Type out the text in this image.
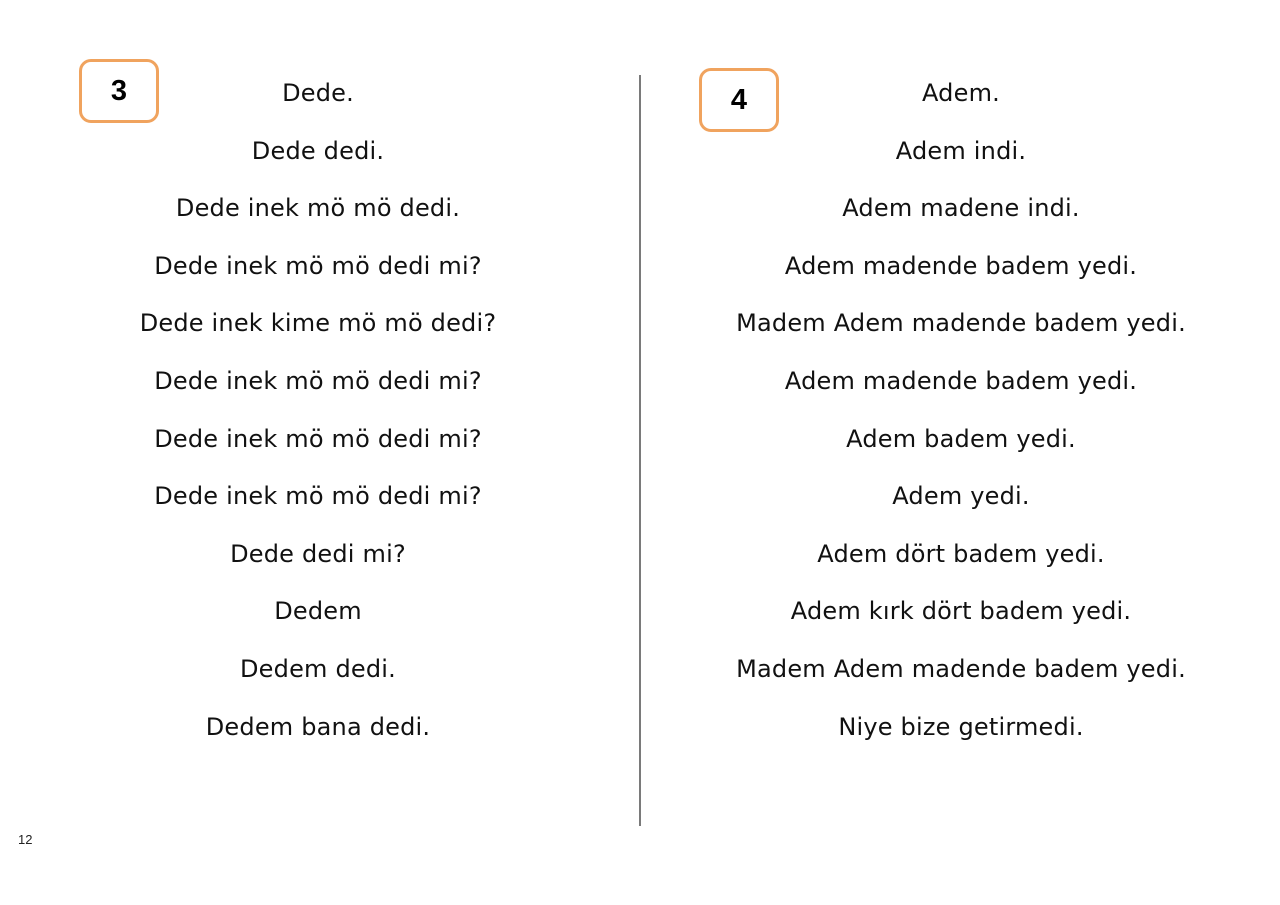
3	Dede.
Dede dedi.
Dede inek mö mö dedi.
Dede inek mö mö dedi mi?
Dede inek kime mö mö dedi?
Dede inek mö mö dedi mi?
Dede inek mö mö dedi mi?
Dede inek mö mö dedi mi?
Dede dedi mi?
Dedem
Dedem dedi.
Dedem bana dedi.
4	Adem.
Adem indi.
Adem madene indi.
Adem madende badem yedi.
Madem Adem madende badem yedi.
Adem madende badem yedi.
Adem badem yedi.
Adem yedi.
Adem dört badem yedi.
Adem kırk dört badem yedi.
Madem Adem madende badem yedi.
Niye bize getirmedi.
12
